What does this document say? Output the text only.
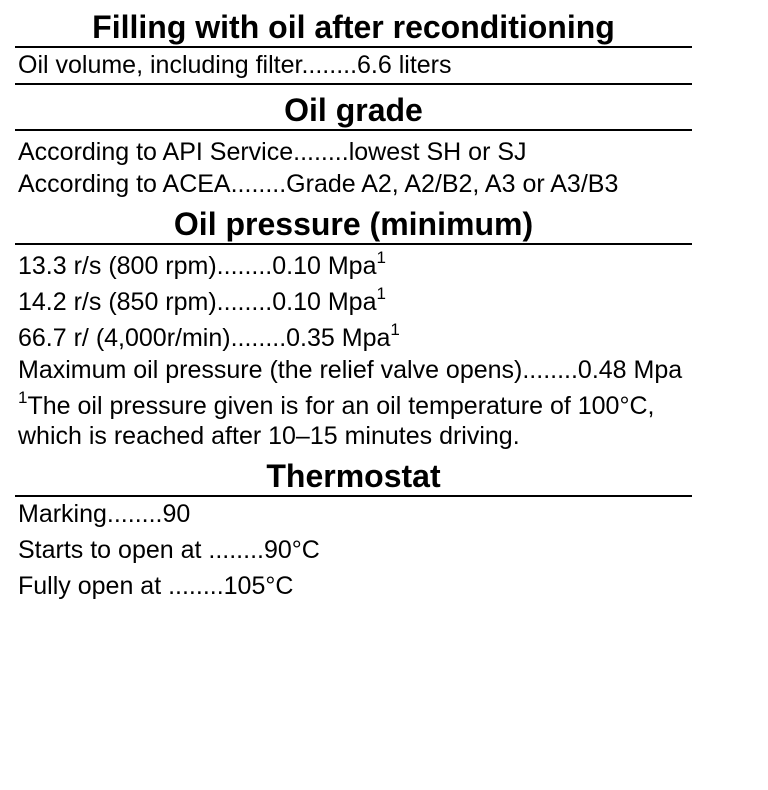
Filling with oil after reconditioning
Oil volume, including filter........6.6 liters
Oil grade
According to API Service........lowest SH or SJ
According to ACEA........Grade A2, A2/B2, A3 or A3/B3
Oil pressure (minimum)
13.3 r/s (800 rpm)........0.10 Mpa$^1$
14.2 r/s (850 rpm)........0.10 Mpa$^1$
66.7 r/ (4,000r/min)........0.35 Mpa$^1$
Maximum oil pressure (the relief valve opens)........0.48 Mpa
$^1$The oil pressure given is for an oil temperature of 100°C, which is reached after 10–15 minutes driving.
Thermostat
Marking........90
Starts to open at ........90°C
Fully open at ........105°C
